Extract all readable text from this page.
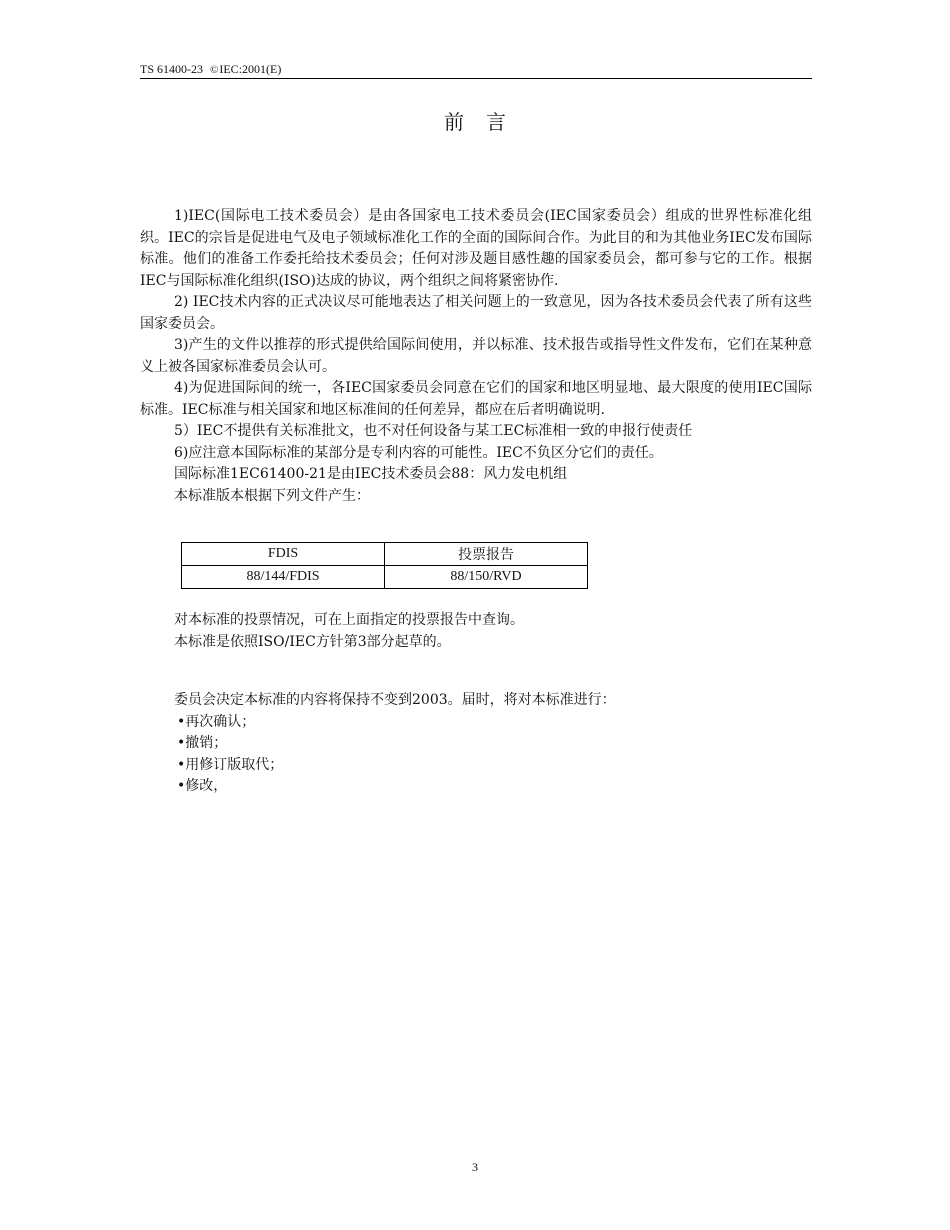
TS 61400-23 ©IEC:2001(E)
前言

1)IEC(国际电工技术委员会）是由各国家电工技术委员会(IEC国家委员会）组成的世界性标准化组织。IEC的宗旨是促进电气及电子领域标准化工作的全面的国际间合作。为此目的和为其他业务IEC发布国际标准。他们的准备工作委托给技术委员会；任何对涉及题目感性趣的国家委员会，都可参与它的工作。根据IEC与国际标准化组织(ISO)达成的协议，两个组织之间将紧密协作.

2) IEC技术内容的正式决议尽可能地表达了相关问题上的一致意见，因为各技术委员会代表了所有这些国家委员会。

3)产生的文件以推荐的形式提供给国际间使用，并以标准、技术报告或指导性文件发布，它们在某种意义上被各国家标准委员会认可。

4)为促进国际间的统一，各IEC国家委员会同意在它们的国家和地区明显地、最大限度的使用IEC国际标准。IEC标准与相关国家和地区标准间的任何差异，都应在后者明确说明.

5）IEC不提供有关标准批文，也不对任何设备与某工EC标准相一致的申报行使责任

6)应注意本国际标准的某部分是专利内容的可能性。IEC不负区分它们的责任。

国际标准1EC61400-21是由IEC技术委员会88：风力发电机组

本标准版本根据下列文件产生：

FDIS	投票报告
88/144/FDIS	88/150/RVD

对本标准的投票情况，可在上面指定的投票报告中查询。

本标准是依照ISO/IEC方针第3部分起草的。

委员会决定本标准的内容将保持不变到2003。届时，将对本标准进行：

•再次确认；

•撤销；

•用修订版取代；

•修改，

3
